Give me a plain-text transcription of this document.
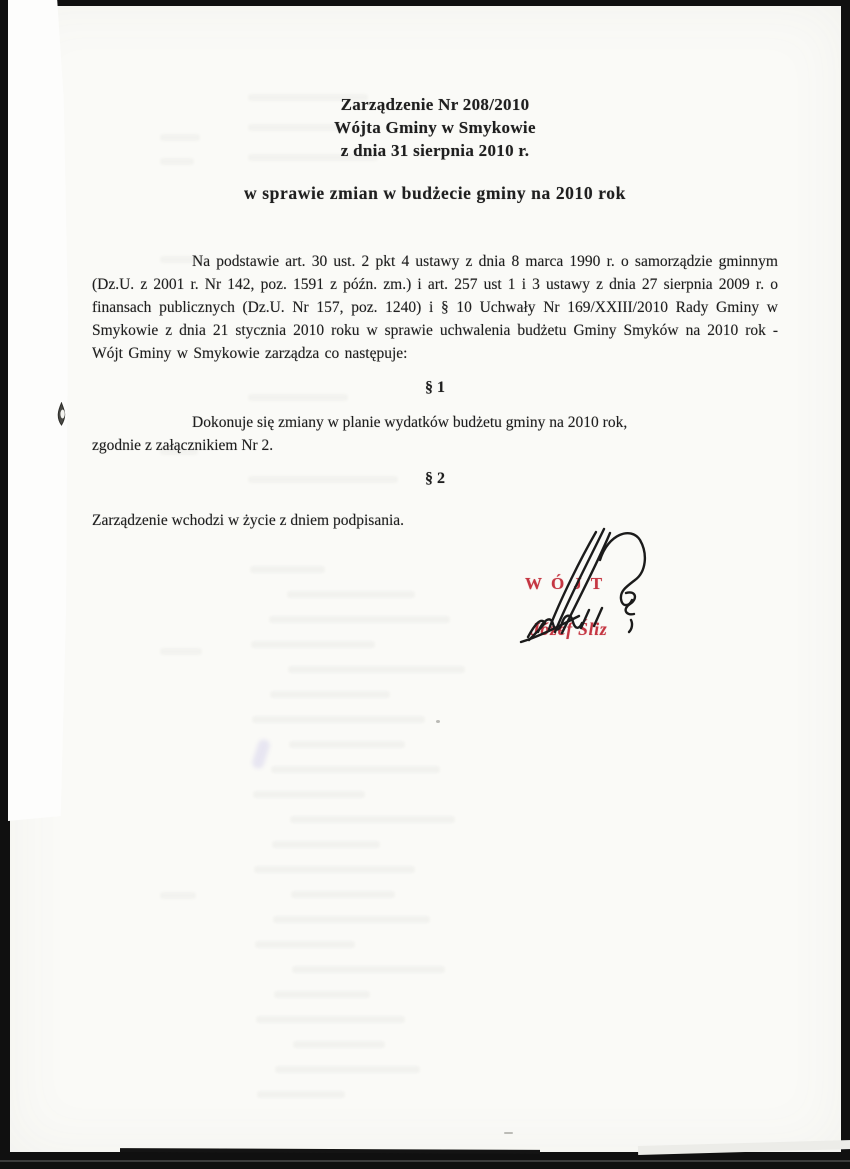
Zarządzenie Nr 208/2010
Wójta Gminy w Smykowie
z dnia 31 sierpnia 2010 r.
w sprawie zmian w budżecie gminy na 2010 rok

Na podstawie art. 30 ust. 2 pkt 4 ustawy z dnia 8 marca 1990 r. o samorządzie gminnym (Dz.U. z 2001 r. Nr 142, poz. 1591 z późn. zm.) i art. 257 ust 1 i 3 ustawy z dnia 27 sierpnia 2009 r. o finansach publicznych (Dz.U. Nr 157, poz. 1240) i § 10 Uchwały Nr 169/XXIII/2010 Rady Gminy w Smykowie z dnia 21 stycznia 2010 roku w sprawie uchwalenia budżetu Gminy Smyków na 2010 rok - Wójt Gminy w Smykowie zarządza co następuje:

§ 1

Dokonuje się zmiany w planie wydatków budżetu gminy na 2010 rok,
zgodnie z załącznikiem Nr 2.

§ 2

Zarządzenie wchodzi w życie z dniem podpisania.

WÓJT
Józef Śliz
